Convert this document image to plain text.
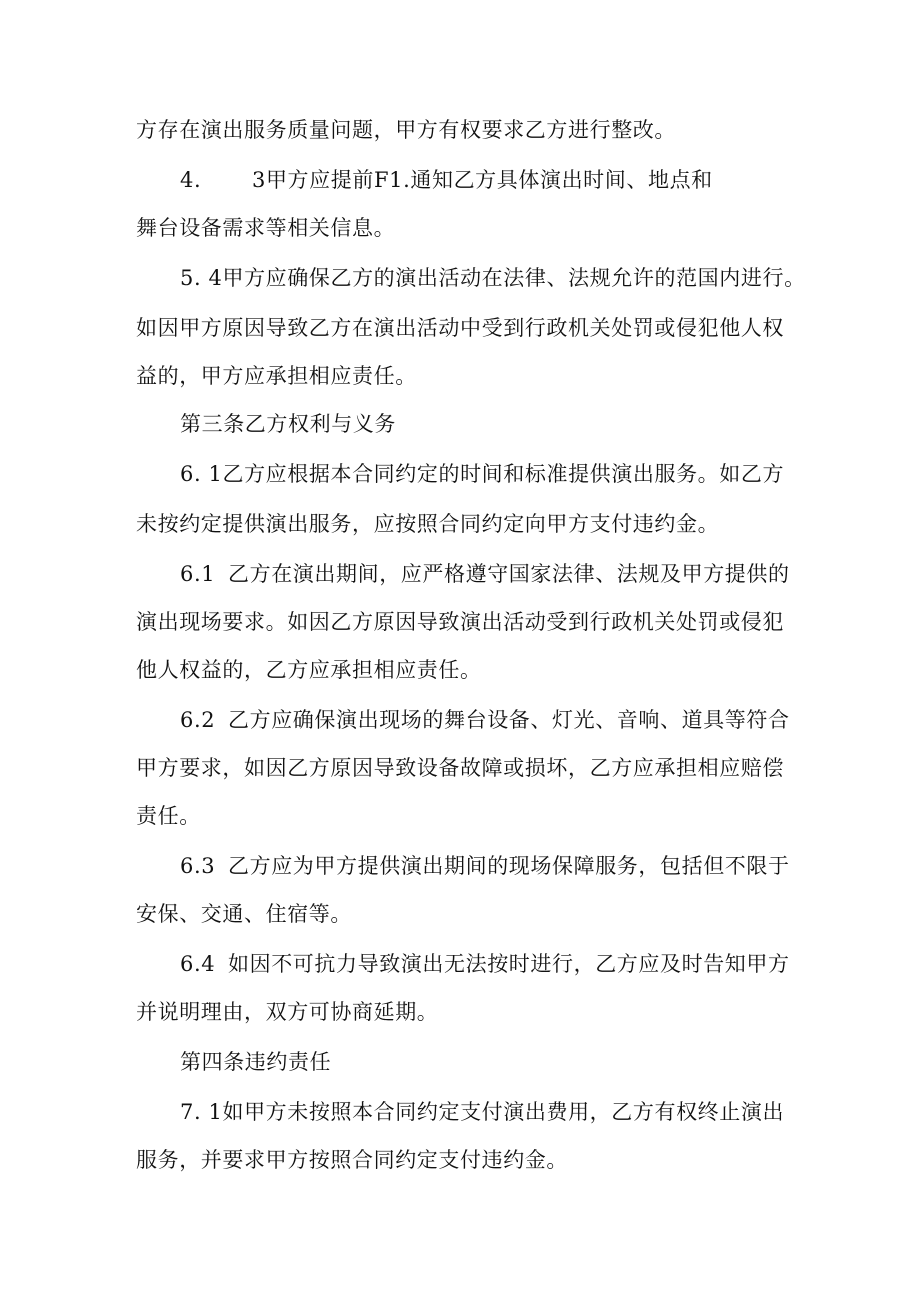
方存在演出服务质量问题，甲方有权要求乙方进行整改。
4. 3甲方应提前F1.通知乙方具体演出时间、地点和
舞台设备需求等相关信息。
5. 4甲方应确保乙方的演出活动在法律、法规允许的范国内进行。
如因甲方原因导致乙方在演出活动中受到行政机关处罚或侵犯他人权
益的，甲方应承担相应责任。
第三条乙方权利与义务
6. 1乙方应根据本合同约定的时间和标准提供演出服务。如乙方
未按约定提供演出服务，应按照合同约定向甲方支付违约金。
6.1 乙方在演出期间，应严格遵守国家法律、法规及甲方提供的
演出现场要求。如因乙方原因导致演出活动受到行政机关处罚或侵犯
他人权益的，乙方应承担相应责任。
6.2 乙方应确保演出现场的舞台设备、灯光、音响、道具等符合
甲方要求，如因乙方原因导致设备故障或损坏，乙方应承担相应赔偿
责任。
6.3 乙方应为甲方提供演出期间的现场保障服务，包括但不限于
安保、交通、住宿等。
6.4 如因不可抗力导致演出无法按时进行，乙方应及时告知甲方
并说明理由，双方可协商延期。
第四条违约责任
7. 1如甲方未按照本合同约定支付演出费用，乙方有权终止演出
服务，并要求甲方按照合同约定支付违约金。
